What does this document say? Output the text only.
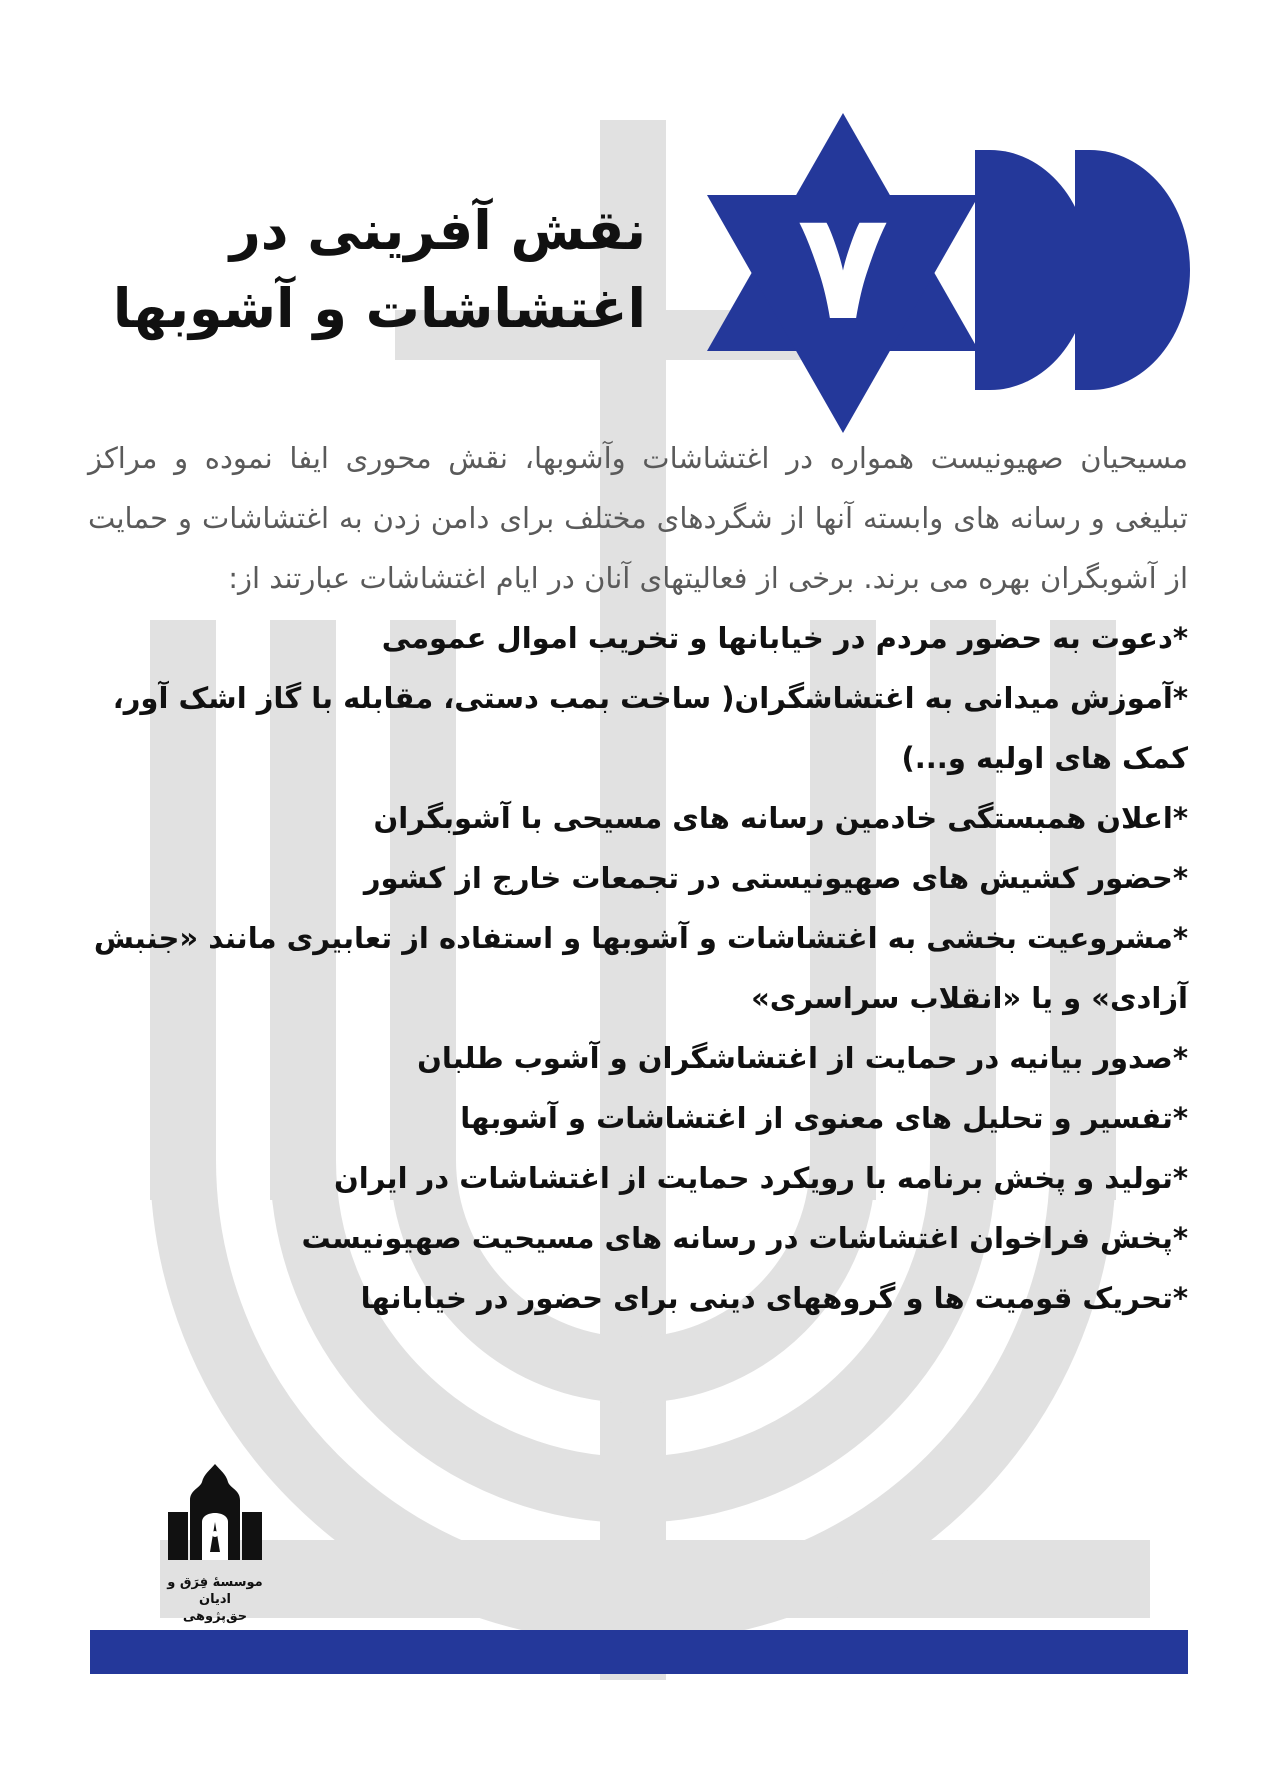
۷
نقش آفرینی در
اغتشاشات و آشوبها

مسیحیان صهیونیست همواره در اغتشاشات وآشوبها، نقش محوری ایفا نموده و مراکز تبلیغی و رسانه های وابسته آنها از شگردهای مختلف برای دامن زدن به اغتشاشات و حمایت از آشوبگران بهره می برند. برخی از فعالیتهای آنان در ایام اغتشاشات عبارتند از:

*دعوت به حضور مردم در خیابانها و تخریب اموال عمومی
*آموزش میدانی به اغتشاشگران( ساخت بمب دستی، مقابله با گاز اشک آور، کمک های اولیه و...)
*اعلان همبستگی خادمین رسانه های مسیحی با آشوبگران
*حضور کشیش های صهیونیستی در تجمعات خارج از کشور
*مشروعیت بخشی به اغتشاشات و آشوبها و استفاده از تعابیری مانند «جنبش آزادی» و یا «انقلاب سراسری»
*صدور بیانیه در حمایت از اغتشاشگران و آشوب طلبان
*تفسیر و تحلیل های معنوی از اغتشاشات و آشوبها
*تولید و پخش برنامه با رویکرد حمایت از اغتشاشات در ایران
*پخش فراخوان اغتشاشات در رسانه های مسیحیت صهیونیست
*تحریک قومیت ها و گروههای دینی برای حضور در خیابانها
موسسهٔ فِرَق و ادیان
حق‌پژوهی
